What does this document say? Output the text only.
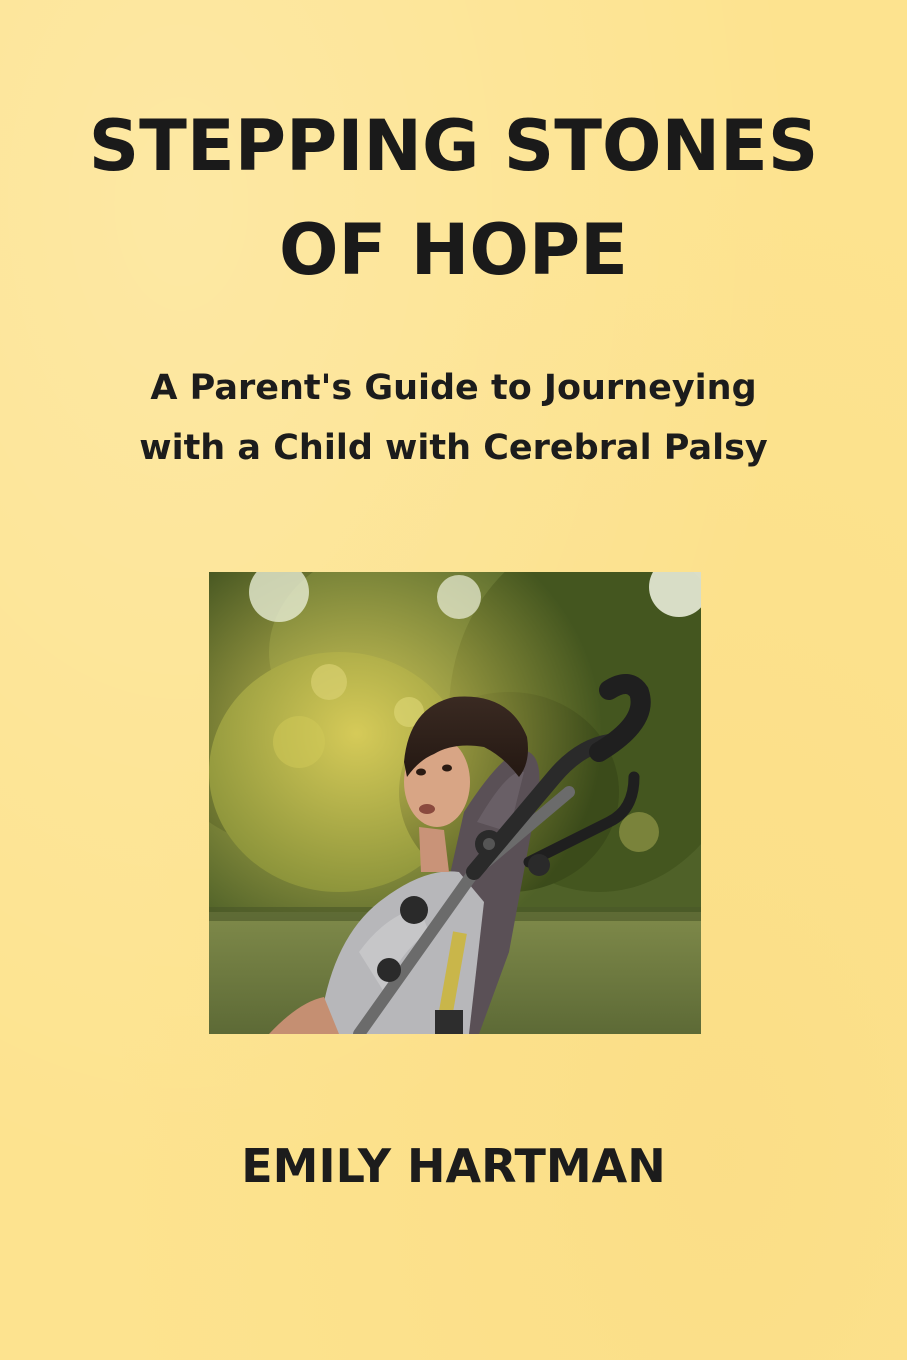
STEPPING STONES
OF HOPE
A Parent's Guide to Journeying
with a Child with Cerebral Palsy

EMILY HARTMAN
